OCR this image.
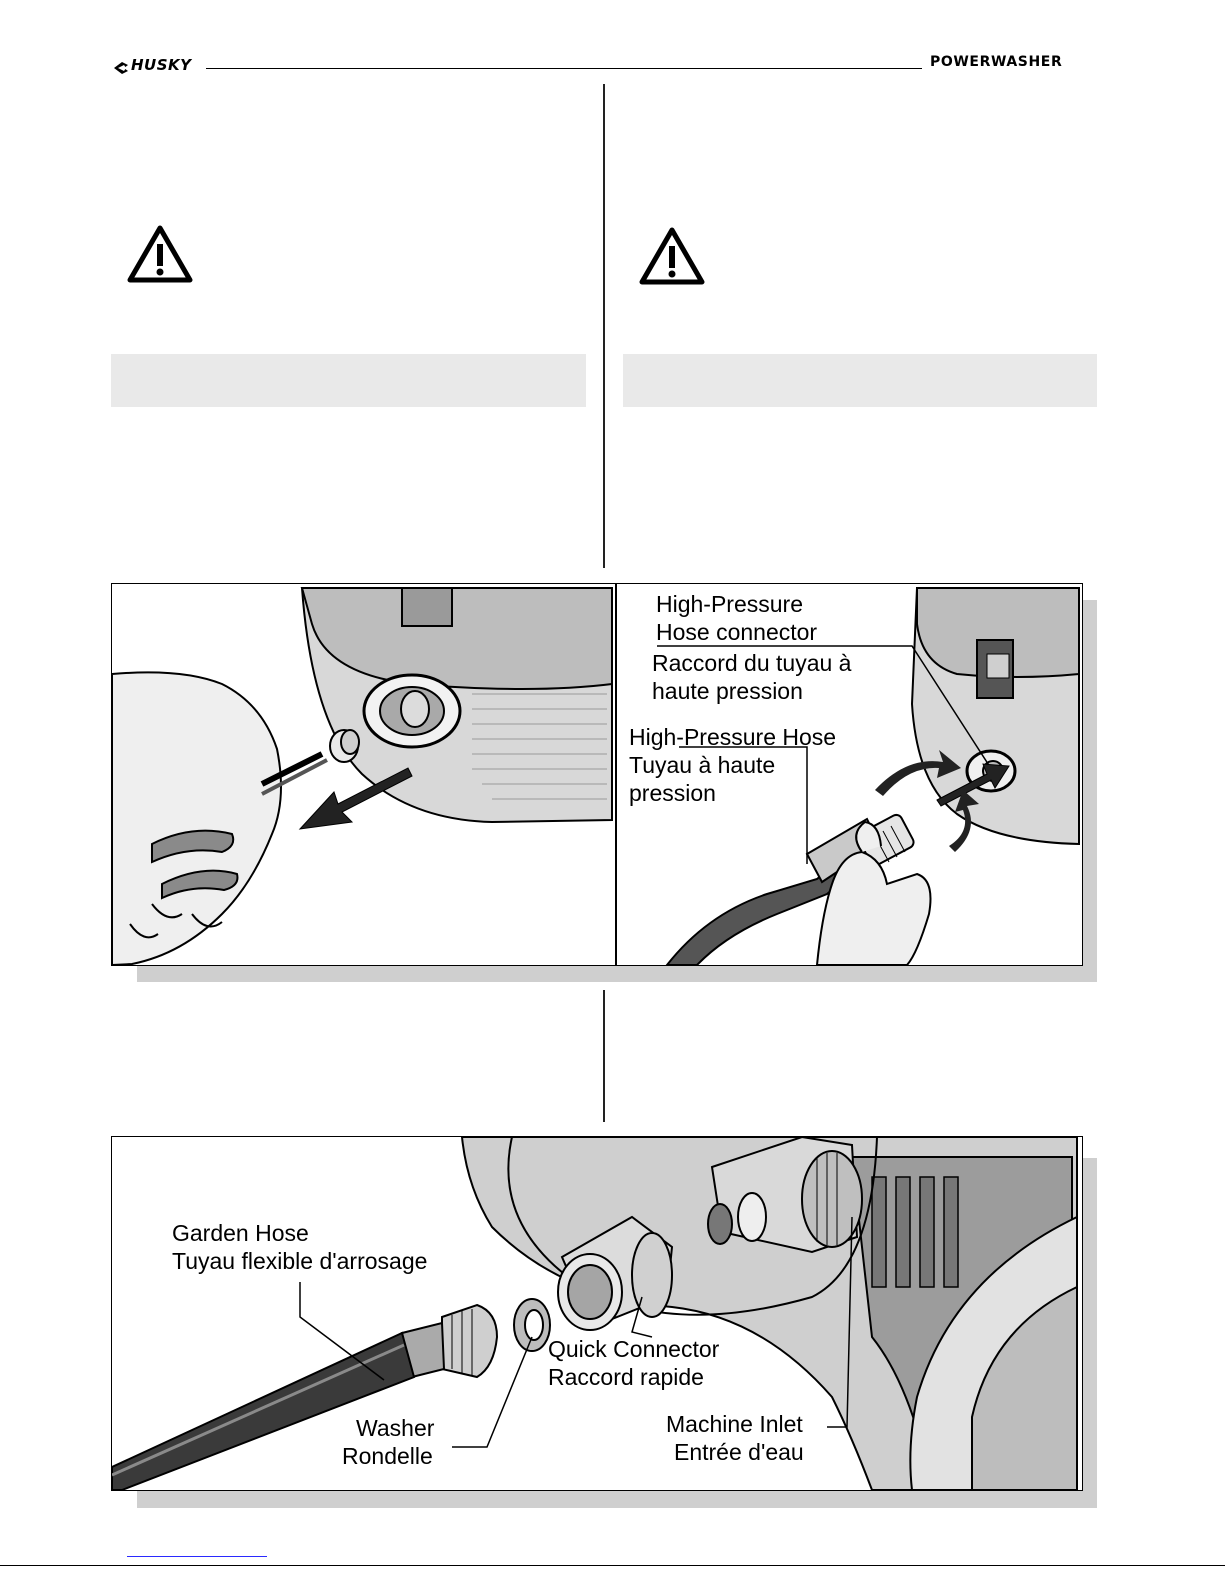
HUSKY	POWERWASHER
High-Pressure
Hose connector
Raccord du tuyau à
haute pression
High-Pressure Hose
Tuyau à haute
pression
Garden Hose
Tuyau flexible d'arrosage
Quick Connector
Raccord rapide
Washer
Rondelle
Machine Inlet
Entrée d'eau
